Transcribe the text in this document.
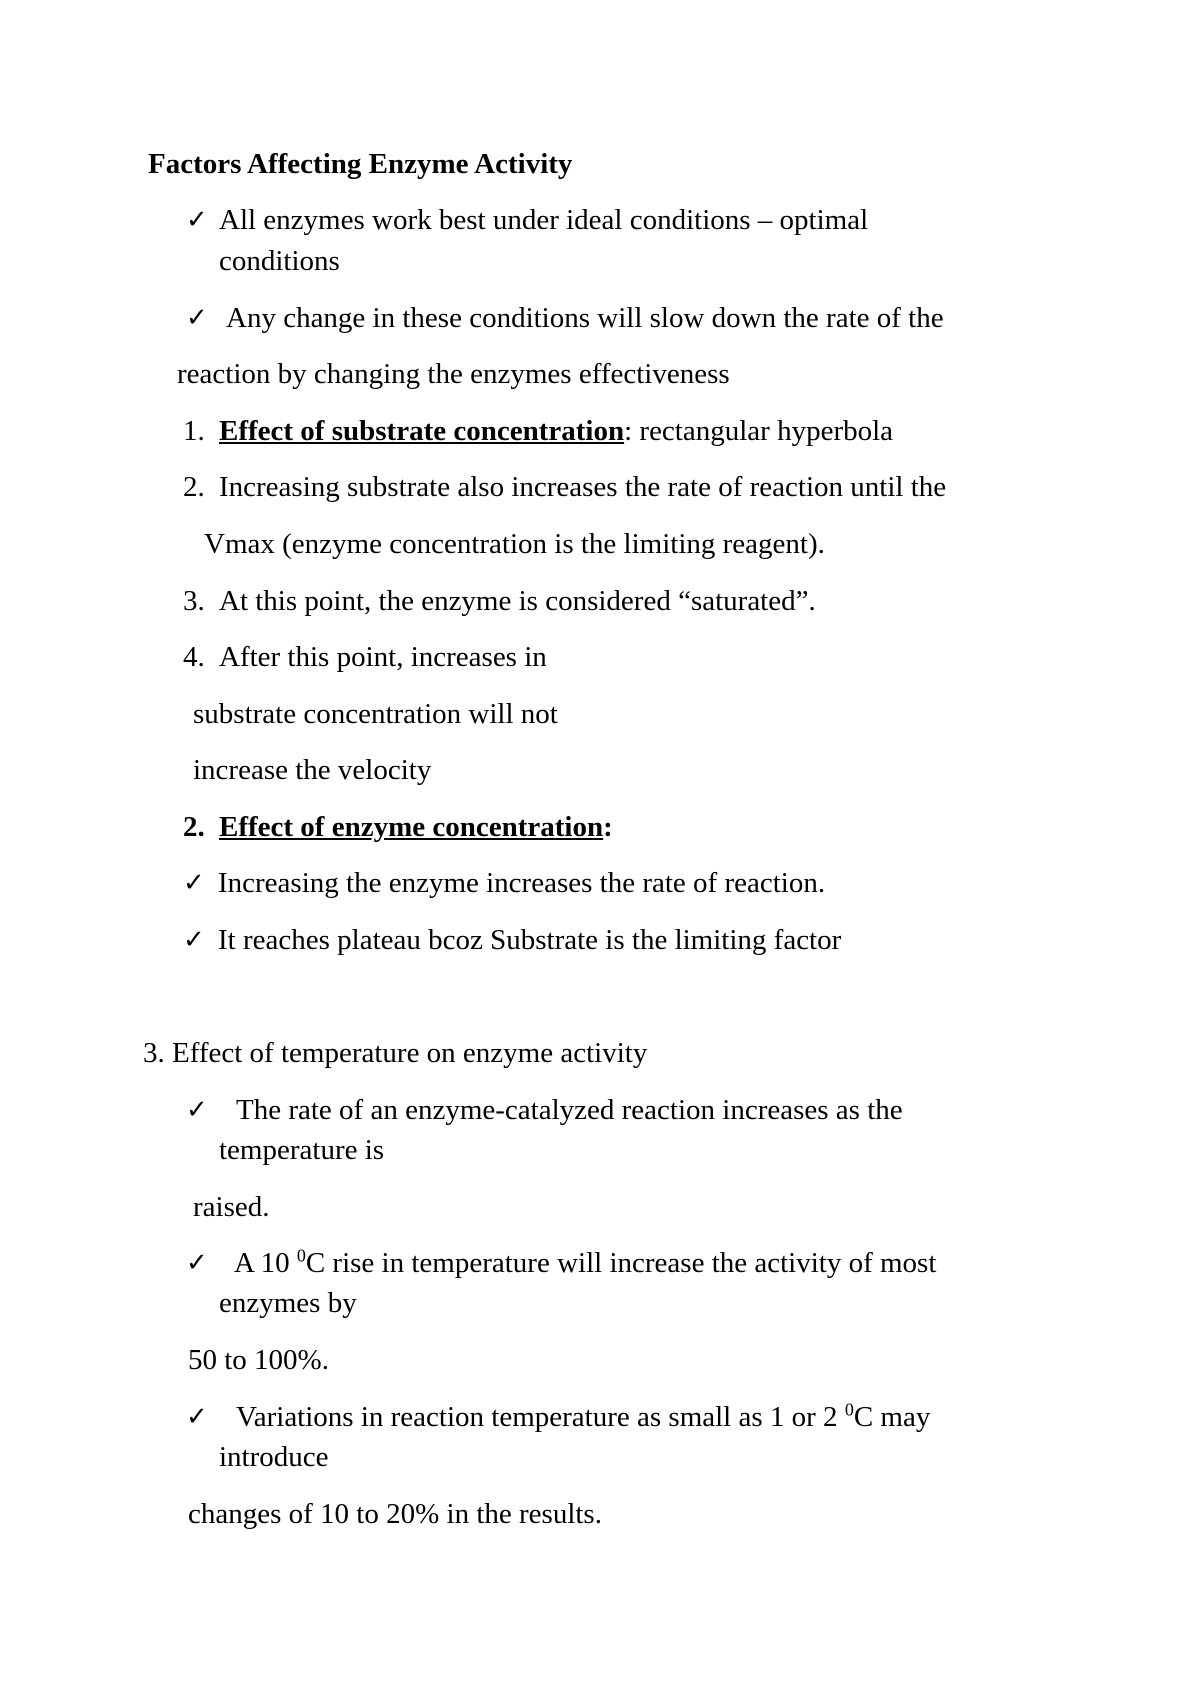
Factors Affecting Enzyme Activity
✓ All enzymes work best under ideal conditions – optimal
conditions
✓ Any change in these conditions will slow down the rate of the
reaction by changing the enzymes effectiveness
1. Effect of substrate concentration: rectangular hyperbola
2. Increasing substrate also increases the rate of reaction until the
Vmax (enzyme concentration is the limiting reagent).
3. At this point, the enzyme is considered “saturated”.
4. After this point, increases in
substrate concentration will not
increase the velocity
2. Effect of enzyme concentration:
✓ Increasing the enzyme increases the rate of reaction.
✓ It reaches plateau bcoz Substrate is the limiting factor
3. Effect of temperature on enzyme activity
✓ The rate of an enzyme-catalyzed reaction increases as the
temperature is
raised.
✓ A 10 $^0$C rise in temperature will increase the activity of most
enzymes by
50 to 100%.
✓ Variations in reaction temperature as small as 1 or 2 $^0$C may
introduce
changes of 10 to 20% in the results.
